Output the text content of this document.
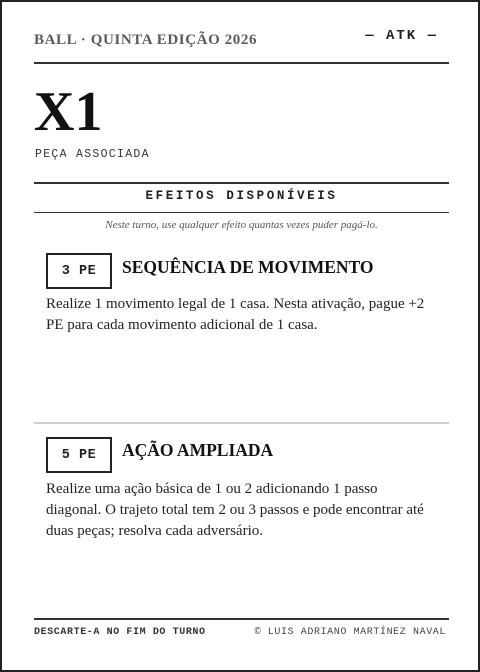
BALL · QUINTA EDIÇÃO 2026	— ATK —
X1
PEÇA ASSOCIADA
EFEITOS DISPONÍVEIS
Neste turno, use qualquer efeito quantas vezes puder pagá-lo.
3 PE	SEQUÊNCIA DE MOVIMENTO
Realize 1 movimento legal de 1 casa. Nesta ativação, pague +2 PE para cada movimento adicional de 1 casa.
5 PE	AÇÃO AMPLIADA
Realize uma ação básica de 1 ou 2 adicionando 1 passo diagonal. O trajeto total tem 2 ou 3 passos e pode encontrar até duas peças; resolva cada adversário.
DESCARTE-A NO FIM DO TURNO	© LUIS ADRIANO MARTÍNEZ NAVAL
